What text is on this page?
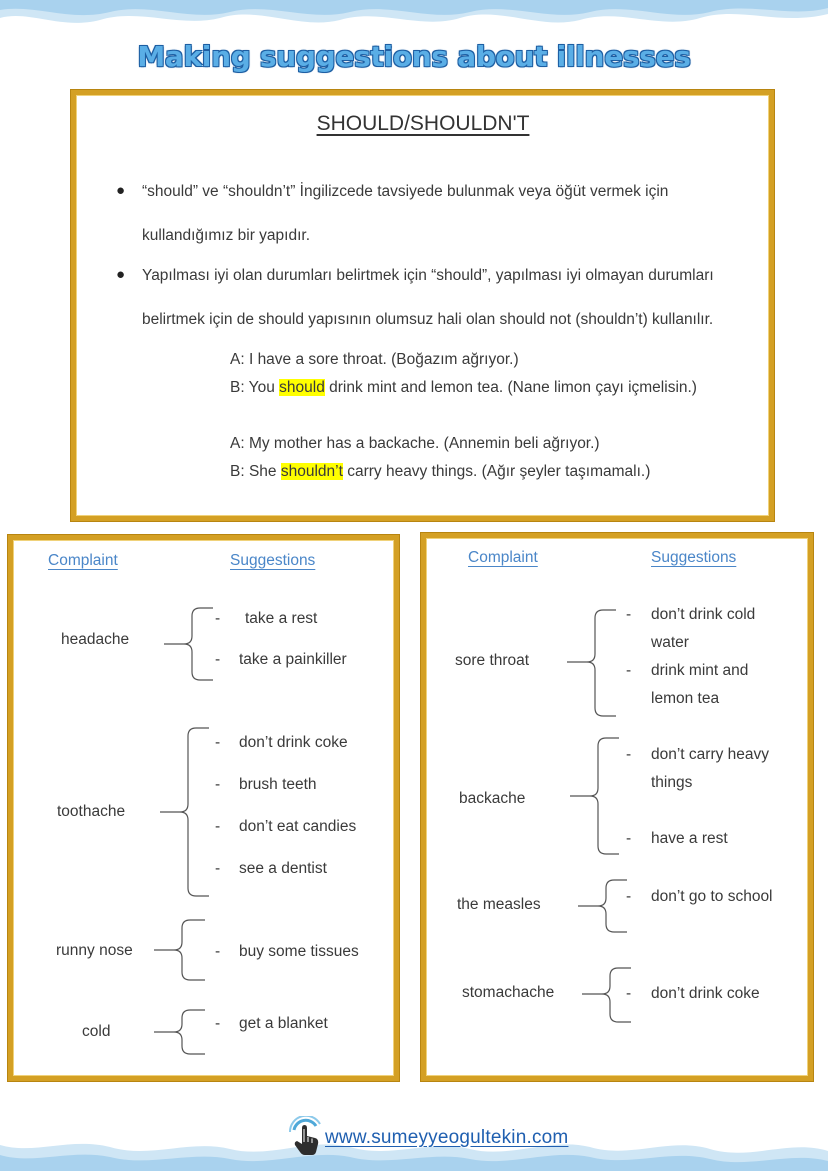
Making suggestions about illnesses
SHOULD/SHOULDN'T
● “should” ve “shouldn’t” İngilizcede tavsiyede bulunmak veya öğüt vermek için
kullandığımız bir yapıdır.
● Yapılması iyi olan durumları belirtmek için “should”, yapılması iyi olmayan durumları
belirtmek için de should yapısının olumsuz hali olan should not (shouldn’t) kullanılır.
A: I have a sore throat. (Boğazım ağrıyor.)
B: You should drink mint and lemon tea. (Nane limon çayı içmelisin.)
A: My mother has a backache. (Annemin beli ağrıyor.)
B: She shouldn’t carry heavy things. (Ağır şeyler taşımamalı.)
Complaint	Suggestions
headache
- take a rest
- take a painkiller
toothache
- don’t drink coke
- brush teeth
- don’t eat candies
- see a dentist
runny nose	- buy some tissues
cold	- get a blanket
Complaint	Suggestions
sore throat
- don’t drink cold water
- drink mint and lemon tea
backache
- don’t carry heavy things
- have a rest
the measles	- don’t go to school
stomachache	- don’t drink coke
www.sumeyyeogultekin.com
